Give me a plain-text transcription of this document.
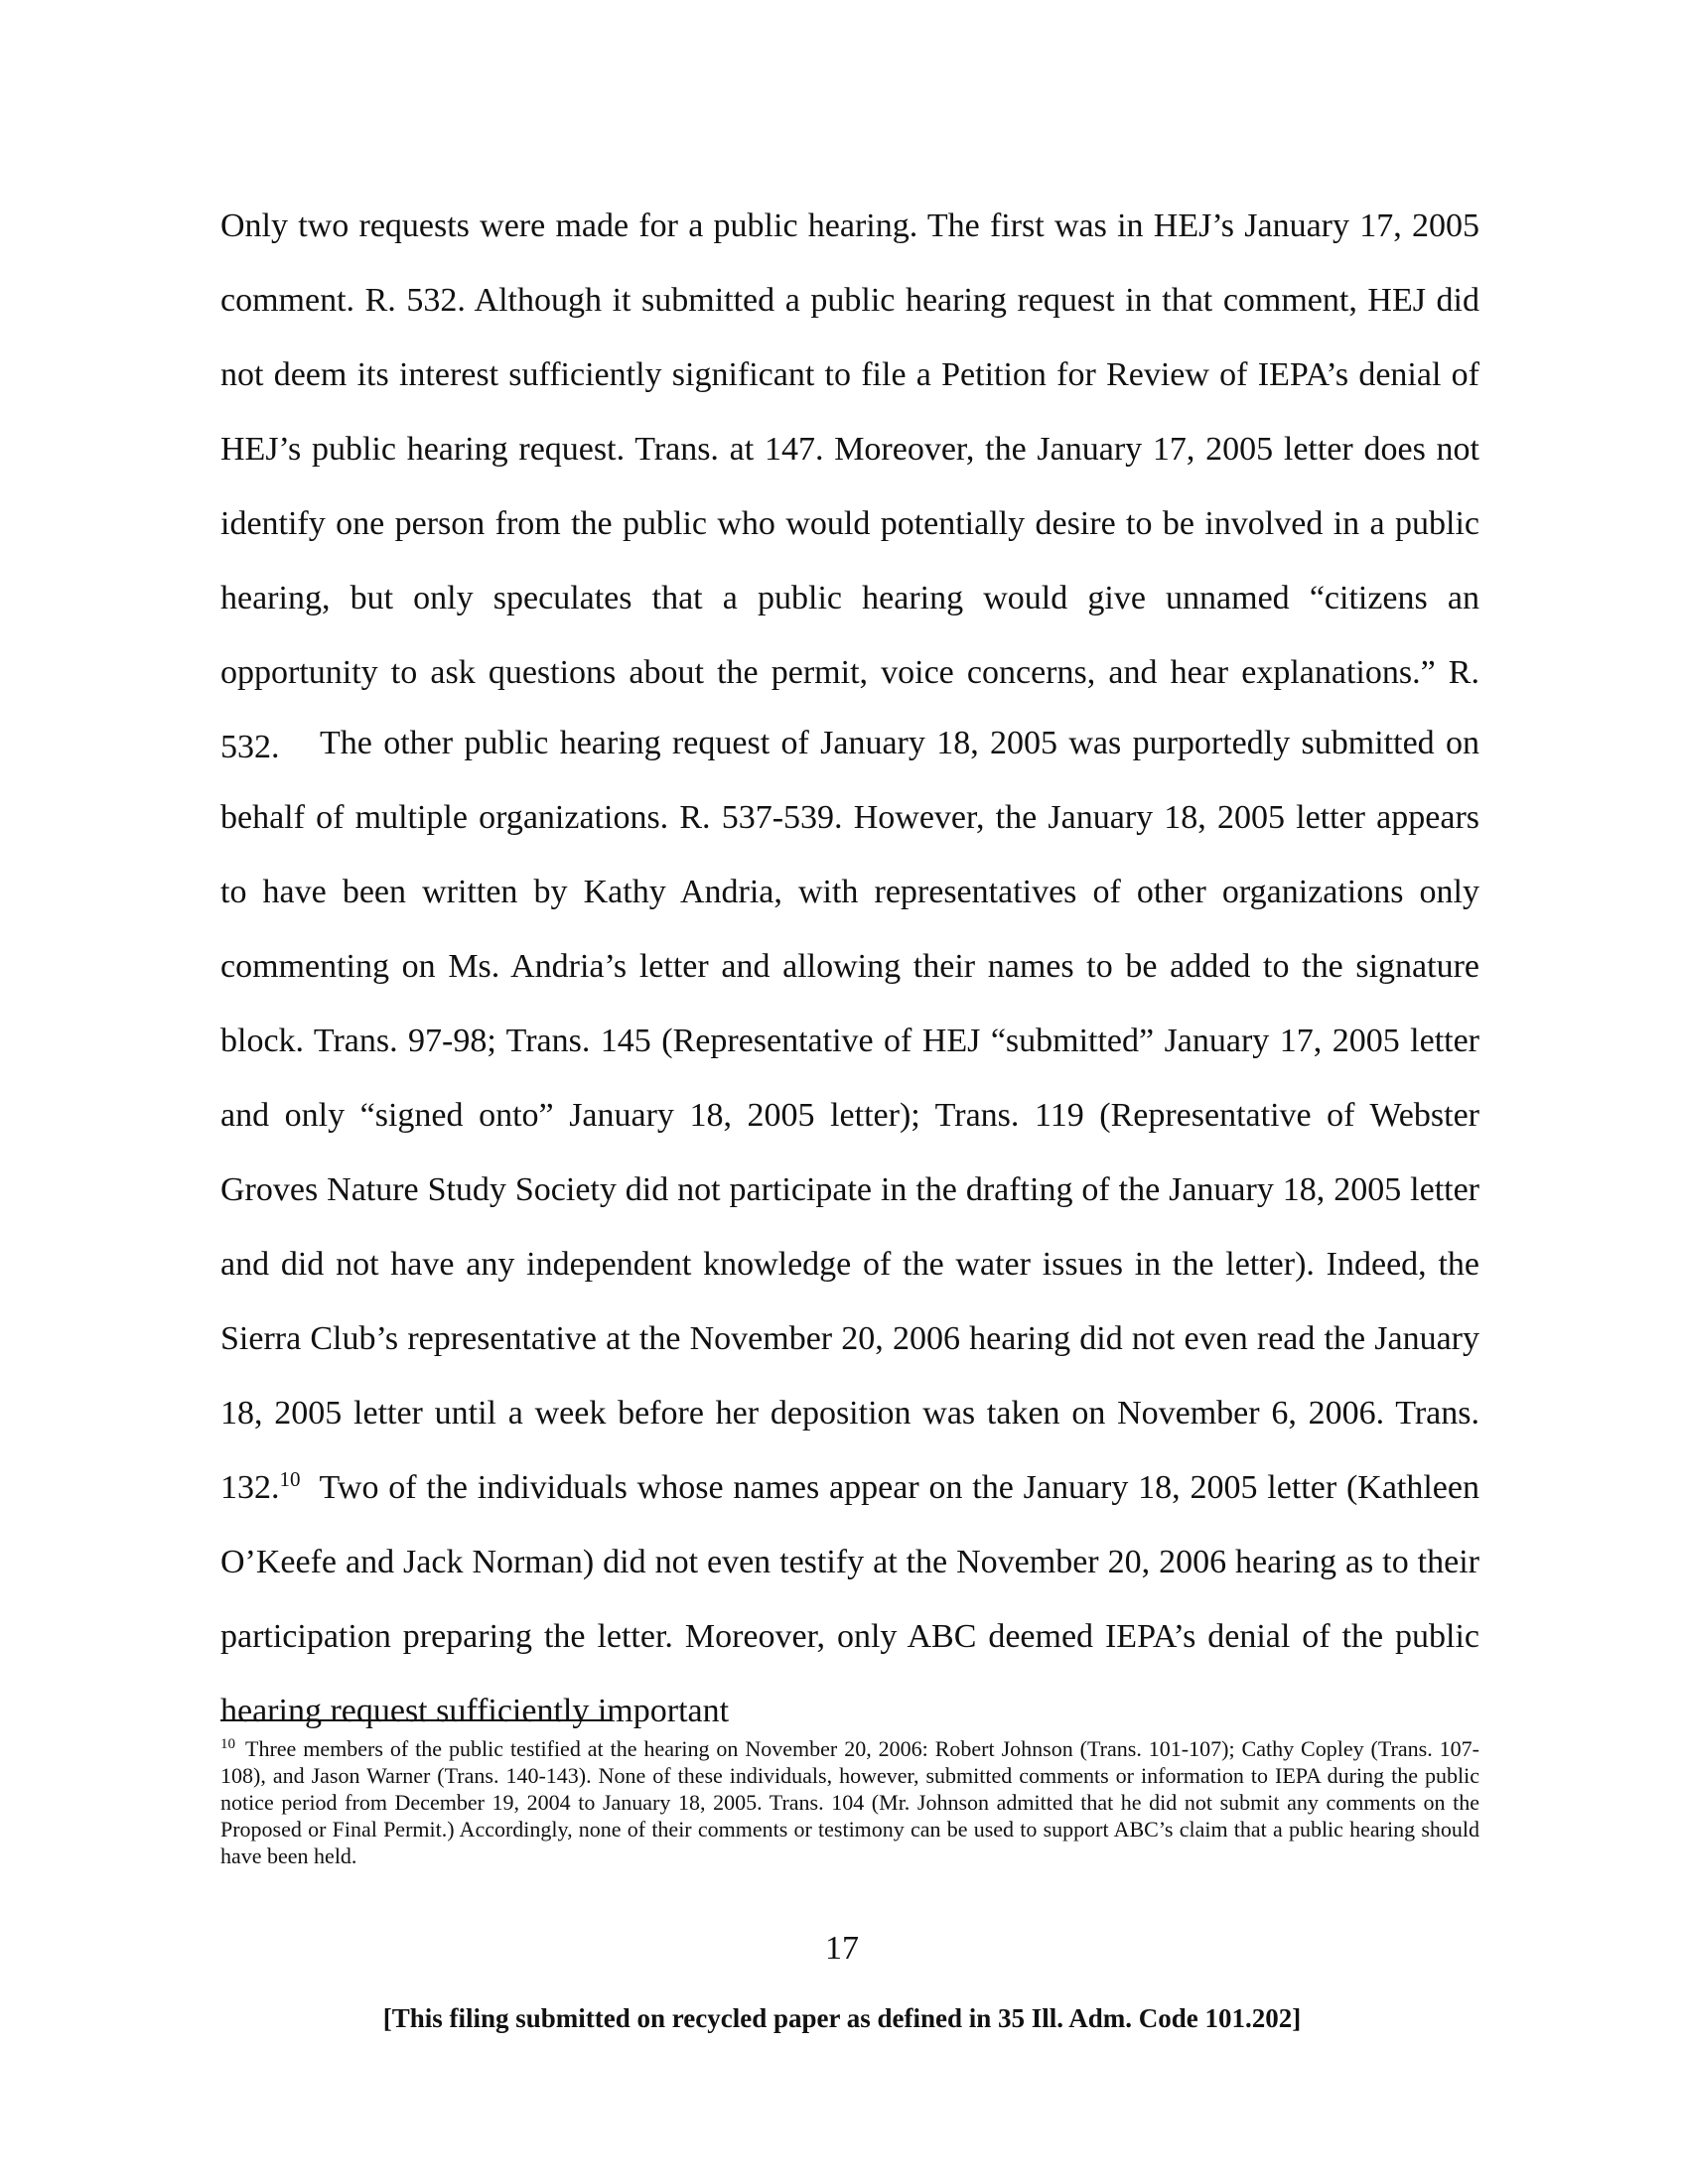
Only two requests were made for a public hearing. The first was in HEJ’s January 17, 2005 comment. R. 532. Although it submitted a public hearing request in that comment, HEJ did not deem its interest sufficiently significant to file a Petition for Review of IEPA’s denial of HEJ’s public hearing request. Trans. at 147. Moreover, the January 17, 2005 letter does not identify one person from the public who would potentially desire to be involved in a public hearing, but only speculates that a public hearing would give unnamed “citizens an opportunity to ask questions about the permit, voice concerns, and hear explanations.” R. 532.	The other public hearing request of January 18, 2005 was purportedly submitted on behalf of multiple organizations. R. 537-539. However, the January 18, 2005 letter appears to have been written by Kathy Andria, with representatives of other organizations only commenting on Ms. Andria’s letter and allowing their names to be added to the signature block. Trans. 97-98; Trans. 145 (Representative of HEJ “submitted” January 17, 2005 letter and only “signed onto” January 18, 2005 letter); Trans. 119 (Representative of Webster Groves Nature Study Society did not participate in the drafting of the January 18, 2005 letter and did not have any independent knowledge of the water issues in the letter). Indeed, the Sierra Club’s representative at the November 20, 2006 hearing did not even read the January 18, 2005 letter until a week before her deposition was taken on November 6, 2006. Trans. 132.10 Two of the individuals whose names appear on the January 18, 2005 letter (Kathleen O’Keefe and Jack Norman) did not even testify at the November 20, 2006 hearing as to their participation preparing the letter. Moreover, only ABC deemed IEPA’s denial of the public hearing request sufficiently important

$^{10}$ Three members of the public testified at the hearing on November 20, 2006: Robert Johnson (Trans. 101-107); Cathy Copley (Trans. 107-108), and Jason Warner (Trans. 140-143). None of these individuals, however, submitted comments or information to IEPA during the public notice period from December 19, 2004 to January 18, 2005. Trans. 104 (Mr. Johnson admitted that he did not submit any comments on the Proposed or Final Permit.) Accordingly, none of their comments or testimony can be used to support ABC’s claim that a public hearing should have been held.

17

[This filing submitted on recycled paper as defined in 35 Ill. Adm. Code 101.202]
